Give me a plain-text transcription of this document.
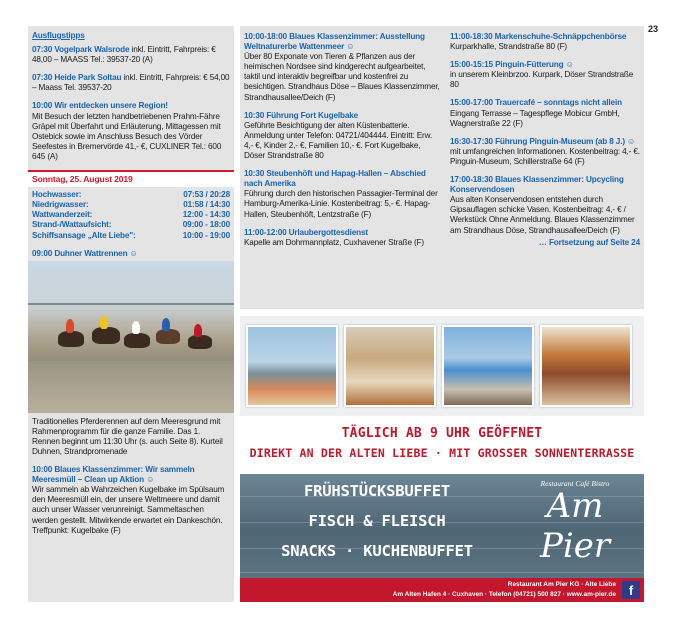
23
Ausflugstipps
07:30 Vogelpark Walsrode inkl. Eintritt, Fahrpreis: € 48,00 – MAASS Tel.: 39537-20 (A)
07:30 Heide Park Soltau inkl. Eintritt, Fahrpreis: € 54,00 – Maass Tel. 39537-20
10:00 Wir entdecken unsere Region!
Mit Besuch der letzten handbetriebenen Prahm-Fähre Gräpel mit Überfahrt und Erläuterung, Mittagessen mit Ostebick sowie im Anschluss Besuch des Vörder Seefestes in Bremervörde 41,- €, CUXLINER Tel.: 600 645 (A)
Sonntag, 25. August 2019
Hochwasser:	07:53 / 20:28
Niedrigwasser:	01:58 / 14:30
Wattwanderzeit:	12:00 - 14:30
Strand-/Wattaufsicht:	09:00 - 18:00
Schiffsansage „Alte Liebe":	10:00 - 19:00
09:00 Duhner Wattrennen ☺
Traditionelles Pferderennen auf dem Meeresgrund mit Rahmenprogramm für die ganze Familie. Das 1. Rennen beginnt um 11:30 Uhr (s. auch Seite 8). Kurteil Duhnen, Strandpromenade
10:00 Blaues Klassenzimmer: Wir sammeln Meeresmüll – Clean up Aktion ☺
Wir sammeln ab Wahrzeichen Kugelbake im Spülsaum den Meeresmüll ein, der unsere Weltmeere und damit auch unser Wasser verunreinigt. Sammeltaschen werden gestellt. Mitwirkende erwartet ein Dankeschön. Treffpunkt: Kugelbake (F)
10:00-18:00 Blaues Klassenzimmer: Ausstellung Weltnaturerbe Wattenmeer ☺
Über 80 Exponate von Tieren & Pflanzen aus der heimischen Nordsee sind kindgerecht aufgearbeitet, taktil und interaktiv begreifbar und kostenfrei zu besichtigen. Strandhaus Döse – Blaues Klassenzimmer, Strandhausallee/Deich (F)
10:30 Führung Fort Kugelbake
Geführte Besichtigung der alten Küstenbatterie. Anmeldung unter Telefon: 04721/404444. Eintritt: Erw. 4,- €, Kinder 2,- €, Familien 10,- €. Fort Kugelbake, Döser Strandstraße 80
10:30 Steubenhöft und Hapag-Hallen – Abschied nach Amerika
Führung durch den historischen Passagier-Terminal der Hamburg-Amerika-Linie. Kostenbeitrag: 5,- €. Hapag-Hallen, Steubenhöft, Lentzstraße (F)
11:00-12:00 Urlaubergottesdienst
Kapelle am Dohrmannplatz, Cuxhavener Straße (F)
11:00-18:30 Markenschuhe-Schnäppchenbörse
Kurparkhalle, Strandstraße 80 (F)
15:00-15:15 Pinguin-Fütterung ☺
in unserem Kleinbrzoo. Kurpark, Döser Strandstraße 80
15:00-17:00 Trauercafé – sonntags nicht allein
Eingang Terrasse – Tagespflege Mobicur GmbH, Wagnerstraße 22 (F)
16:30-17:30 Führung Pinguin-Museum (ab 8 J.) ☺
mit umfangreichen Informationen. Kostenbeitrag: 4,- €. Pinguin-Museum, Schillerstraße 64 (F)
17:00-18:30 Blaues Klassenzimmer: Upcycling Konservendosen
Aus alten Konservendosen entstehen durch Gipsauflagen schicke Vasen. Kostenbeitrag: 4,- € / Werkstück Ohne Anmeldung. Blaues Klassenzimmer am Strandhaus Döse, Strandhausallee/Deich (F)
… Fortsetzung auf Seite 24
TÄGLICH AB 9 UHR GEÖFFNET
DIREKT AN DER ALTEN LIEBE · MIT GROSSER SONNENTERRASSE
FRÜHSTÜCKSBUFFET
FISCH & FLEISCH
SNACKS · KUCHENBUFFET
Restaurant Café Bistro
Am Pier
Restaurant Am Pier KG · Alte Liebe
Am Alten Hafen 4 · Cuxhaven · Telefon (04721) 500 827 · www.am-pier.de f
